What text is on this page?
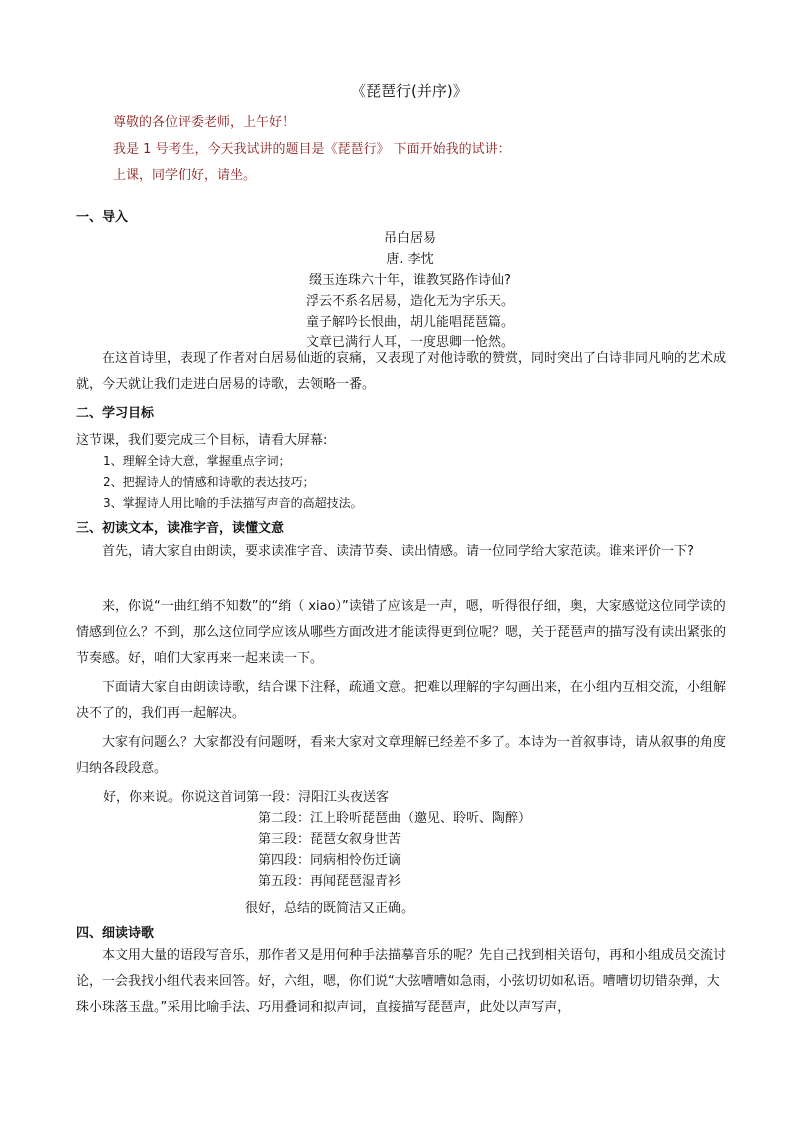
《琵琶行(并序)》
尊敬的各位评委老师，上午好！
我是 1 号考生，今天我试讲的题目是《琵琶行》 下面开始我的试讲：
上课，同学们好，请坐。
一、导入
吊白居易
唐. 李忱
缀玉连珠六十年，谁教冥路作诗仙?
浮云不系名居易，造化无为字乐天。
童子解吟长恨曲，胡儿能唱琵琶篇。
文章已满行人耳，一度思卿一怆然。
在这首诗里，表现了作者对白居易仙逝的哀痛，又表现了对他诗歌的赞赏，同时突出了白诗非同凡响的艺术成就，今天就让我们走进白居易的诗歌，去领略一番。
二、学习目标
这节课，我们要完成三个目标，请看大屏幕:
1、理解全诗大意，掌握重点字词；
2、把握诗人的情感和诗歌的表达技巧；
3、掌握诗人用比喻的手法描写声音的高超技法。
三、初读文本，读准字音，读懂文意
首先，请大家自由朗读，要求读准字音、读清节奏、读出情感。请一位同学给大家范读。谁来评价一下?
来，你说“一曲红绡不知数”的“绡（ xiao）”读错了应该是一声，嗯，听得很仔细，奥，大家感觉这位同学读的情感到位么？不到，那么这位同学应该从哪些方面改进才能读得更到位呢？嗯，关于琵琶声的描写没有读出紧张的节奏感。好，咱们大家再来一起来读一下。
下面请大家自由朗读诗歌，结合课下注释，疏通文意。把难以理解的字勾画出来，在小组内互相交流，小组解决不了的，我们再一起解决。
大家有问题么？大家都没有问题呀，看来大家对文章理解已经差不多了。本诗为一首叙事诗，请从叙事的角度归纳各段段意。
好，你来说。你说这首词第一段：浔阳江头夜送客
第二段：江上聆听琵琶曲（邀见、聆听、陶醉）
第三段：琵琶女叙身世苦
第四段：同病相怜伤迁谪
第五段：再闻琵琶湿青衫
很好，总结的既简洁又正确。
四、细读诗歌
本文用大量的语段写音乐，那作者又是用何种手法描摹音乐的呢？先自己找到相关语句，再和小组成员交流讨论，一会我找小组代表来回答。好，六组，嗯，你们说“大弦嘈嘈如急雨，小弦切切如私语。嘈嘈切切错杂弹，大珠小珠落玉盘。”采用比喻手法、巧用叠词和拟声词，直接描写琵琶声，此处以声写声，
